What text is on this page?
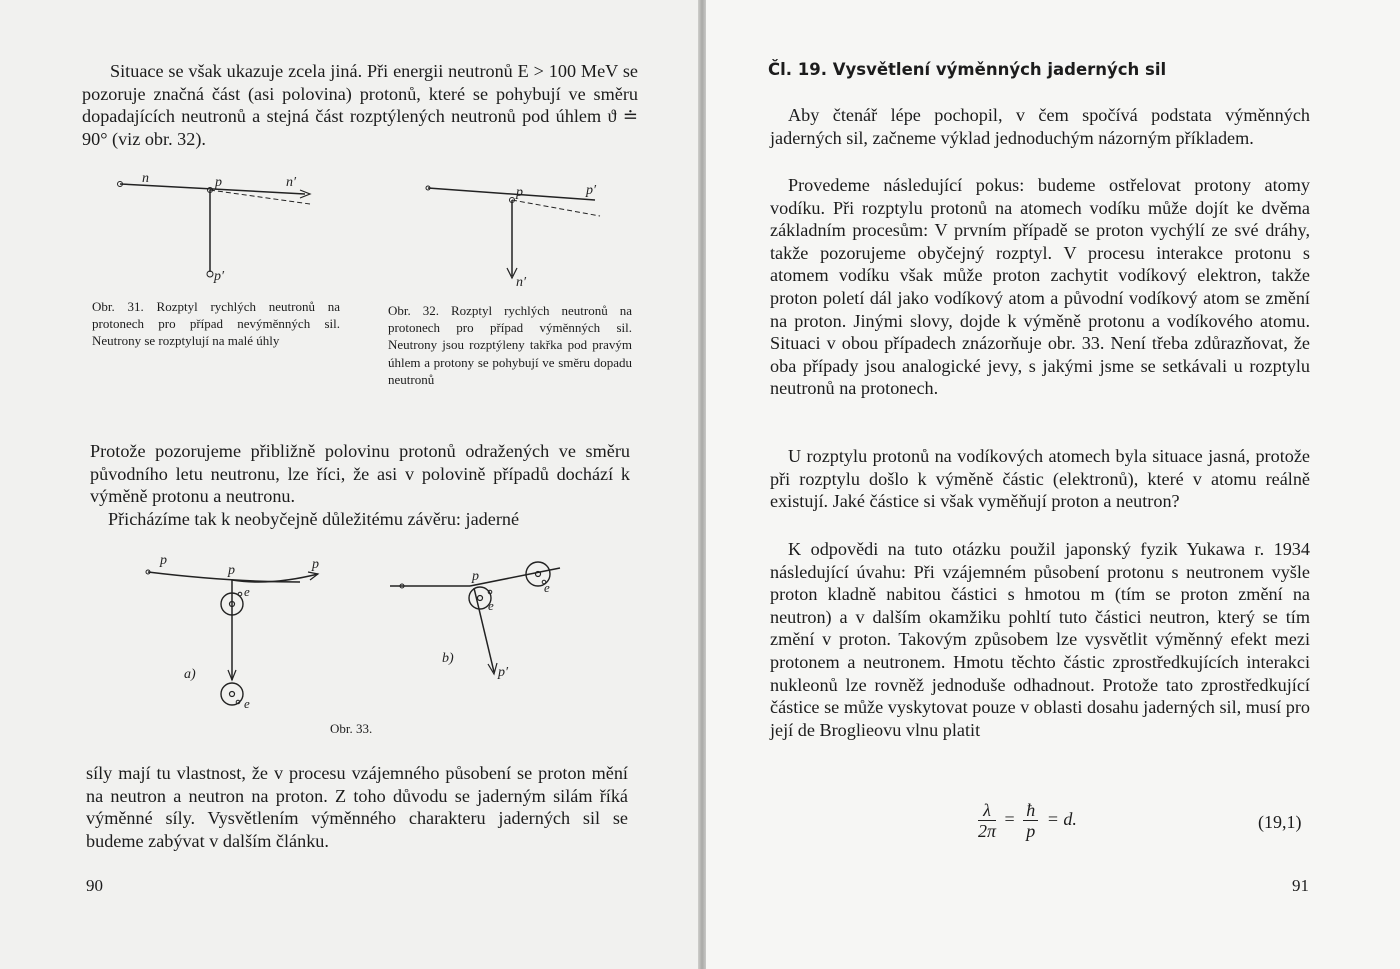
Situace se však ukazuje zcela jiná. Při energii neutronů E > 100 MeV se pozoruje značná část (asi polovina) protonů, které se pohybují ve směru dopadajících neutronů a stejná část rozptýlených neutronů pod úhlem ϑ ≐ 90° (viz obr. 32).

n	p	n′
p′

Obr. 31. Rozptyl rychlých neutronů na protonech pro případ nevýměnných sil. Neutrony se rozptylují na malé úhly

p	p′
n′

Obr. 32. Rozptyl rychlých neutronů na protonech pro případ výměnných sil. Neutrony jsou rozptýleny takřka pod pravým úhlem a protony se pohybují ve směru dopadu neutronů

Protože pozorujeme přibližně polovinu protonů odražených ve směru původního letu neutronu, lze říci, že asi v polovině případů dochází k výměně protonu a neutronu.

Přicházíme tak k neobyčejně důležitému závěru: jaderné

p
p	p
e
e
a)
p
e
e
p′
b)

Obr. 33.

síly mají tu vlastnost, že v procesu vzájemného působení se proton mění na neutron a neutron na proton. Z toho důvodu se jaderným silám říká výměnné síly. Vysvětlením výměnného charakteru jaderných sil se budeme zabývat v dalším článku.

90
Čl. 19. Vysvětlení výměnných jaderných sil

Aby čtenář lépe pochopil, v čem spočívá podstata výměnných jaderných sil, začneme výklad jednoduchým názorným příkladem.

Provedeme následující pokus: budeme ostřelovat protony atomy vodíku. Při rozptylu protonů na atomech vodíku může dojít ke dvěma základním procesům: V prvním případě se proton vychýlí ze své dráhy, takže pozorujeme obyčejný rozptyl. V procesu interakce protonu s atomem vodíku však může proton zachytit vodíkový elektron, takže proton poletí dál jako vodíkový atom a původní vodíkový atom se změní na proton. Jinými slovy, dojde k výměně protonu a vodíkového atomu. Situaci v obou případech znázorňuje obr. 33. Není třeba zdůrazňovat, že oba případy jsou analogické jevy, s jakými jsme se setkávali u rozptylu neutronů na protonech.

U rozptylu protonů na vodíkových atomech byla situace jasná, protože při rozptylu došlo k výměně částic (elektronů), které v atomu reálně existují. Jaké částice si však vyměňují proton a neutron?

K odpovědi na tuto otázku použil japonský fyzik Yukawa r. 1934 následující úvahu: Při vzájemném působení protonu s neutronem vyšle proton kladně nabitou částici s hmotou m (tím se proton změní na neutron) a v dalším okamžiku pohltí tuto částici neutron, který se tím změní v proton. Takovým způsobem lze vysvětlit výměnný efekt mezi protonem a neutronem. Hmotu těchto částic zprostředkujících interakci nukleonů lze rovněž jednoduše odhadnout. Protože tato zprostředkující částice se může vyskytovat pouze v oblasti dosahu jaderných sil, musí pro její de Broglieovu vlnu platit

$\frac{\lambda}{2\pi} = \frac{ħ}{p} = d$.	(19,1)
91
